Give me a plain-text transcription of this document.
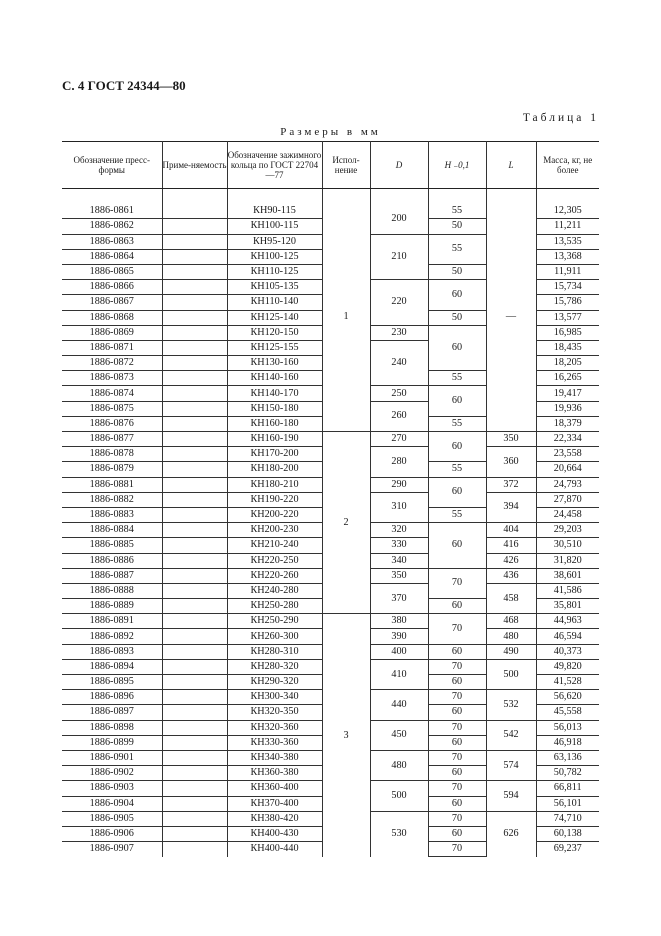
С. 4 ГОСТ 24344—80
Таблица 1
Размеры в мм
Обозначение пресс-формы	Приме-няемость	Обозначение зажимного кольца по ГОСТ 22704—77	Испол-нение	D	H ₋0,1	L	Масса, кг, не более

1886-0861		КН90-115	1	200	55	—	12,305
1886-0862		КН100-115			50		11,211
1886-0863		КН95-120		210	55		13,535
1886-0864		КН100-125					13,368
1886-0865		КН110-125			50		11,911
1886-0866		КН105-135		220	60		15,734
1886-0867		КН110-140					15,786
1886-0868		КН125-140			50		13,577
1886-0869		КН120-150		230	60		16,985
1886-0871		КН125-155		240			18,435
1886-0872		КН130-160					18,205
1886-0873		КН140-160			55		16,265
1886-0874		КН140-170		250	60		19,417
1886-0875		КН150-180		260			19,936
1886-0876		КН160-180			55		18,379
1886-0877		КН160-190	2	270	60	350	22,334
1886-0878		КН170-200		280		360	23,558
1886-0879		КН180-200			55		20,664
1886-0881		КН180-210		290	60	372	24,793
1886-0882		КН190-220		310		394	27,870
1886-0883		КН200-220			55		24,458
1886-0884		КН200-230		320	60	404	29,203
1886-0885		КН210-240		330		416	30,510
1886-0886		КН220-250		340		426	31,820
1886-0887		КН220-260		350	70	436	38,601
1886-0888		КН240-280		370		458	41,586
1886-0889		КН250-280			60		35,801
1886-0891		КН250-290	3	380	70	468	44,963
1886-0892		КН260-300		390		480	46,594
1886-0893		КН280-310		400	60	490	40,373
1886-0894		КН280-320		410	70	500	49,820
1886-0895		КН290-320			60		41,528
1886-0896		КН300-340		440	70	532	56,620
1886-0897		КН320-350			60		45,558
1886-0898		КН320-360		450	70	542	56,013
1886-0899		КН330-360			60		46,918
1886-0901		КН340-380		480	70	574	63,136
1886-0902		КН360-380			60		50,782
1886-0903		КН360-400		500	70	594	66,811
1886-0904		КН370-400			60		56,101
1886-0905		КН380-420		530	70	626	74,710
1886-0906		КН400-430			60		60,138
1886-0907		КН400-440			70		69,237
